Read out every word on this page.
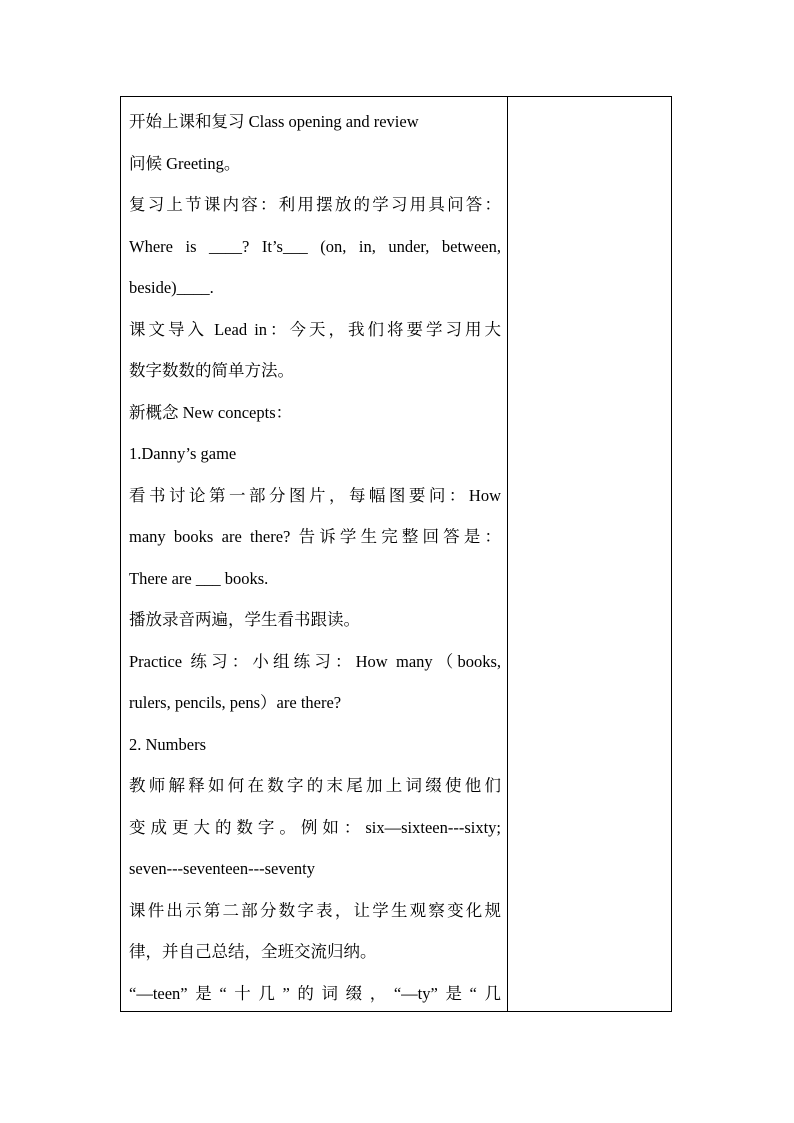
开始上课和复习 Class opening and review
问候 Greeting。
复习上节课内容：利用摆放的学习用具问答：
Where is ____? It’s___ (on, in, under, between,
beside)____.
课文导入 Lead in：今天，我们将要学习用大
数字数数的简单方法。
新概念 New concepts：
1.Danny’s game
看书讨论第一部分图片，每幅图要问：How
many books are there? 告诉学生完整回答是：
There are ___ books.
播放录音两遍，学生看书跟读。
Practice 练习：小组练习：How many（books,
rulers, pencils, pens）are there?
2. Numbers
教师解释如何在数字的末尾加上词缀使他们
变成更大的数字。例如：six—sixteen---sixty;
seven---seventeen---seventy
课件出示第二部分数字表，让学生观察变化规
律，并自己总结，全班交流归纳。
“—teen”是“十几”的词缀，“—ty”是“几
